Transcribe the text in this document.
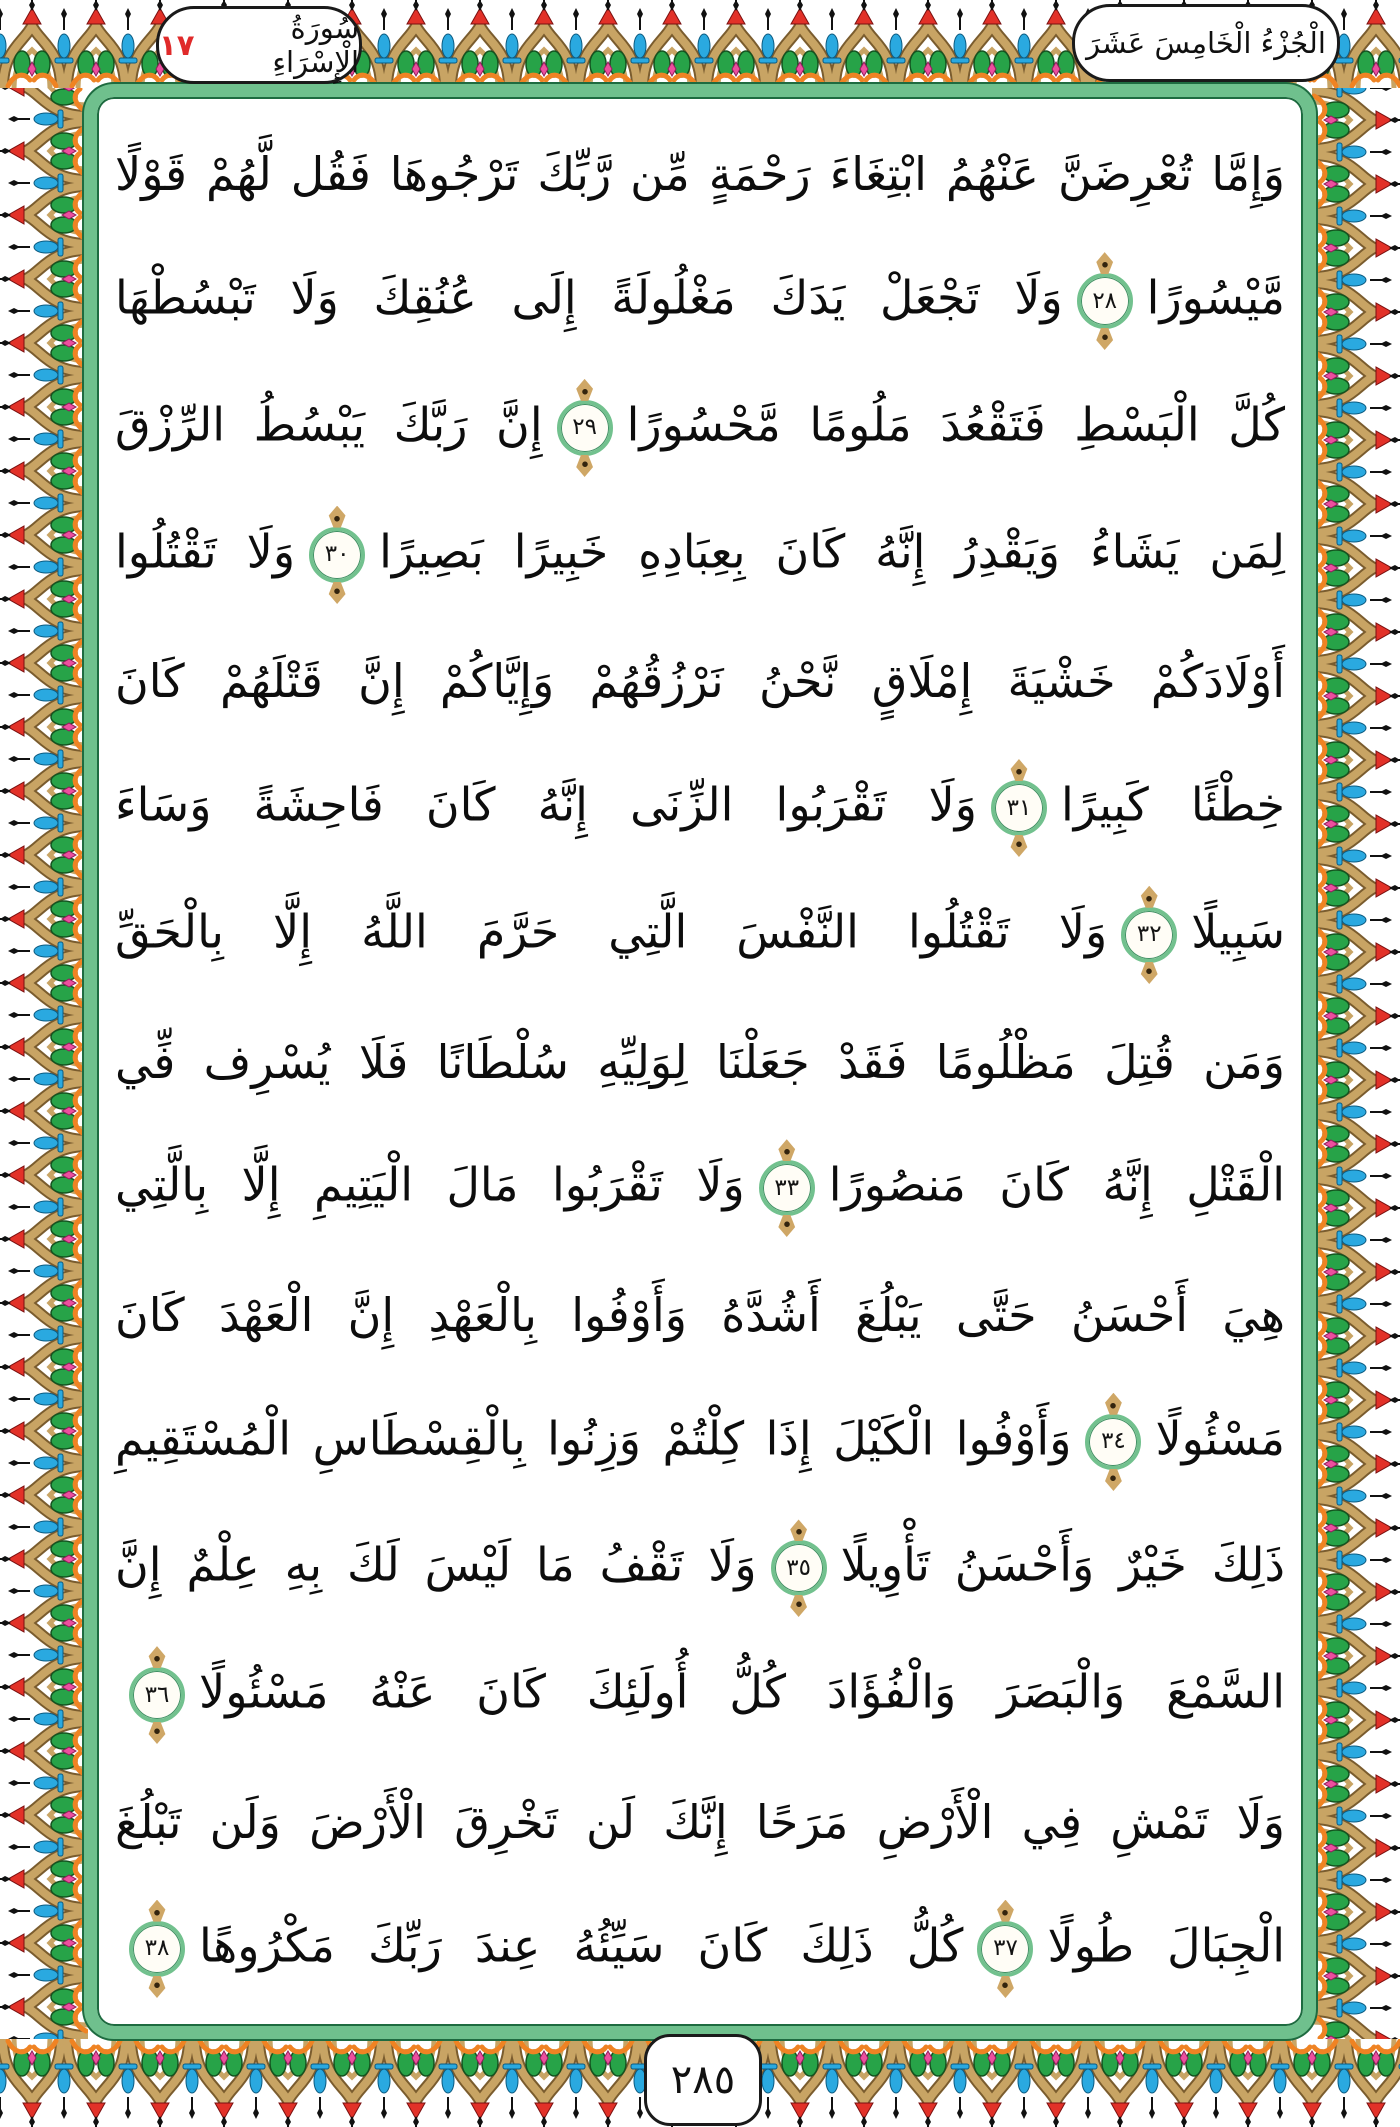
سُورَةُ الْإِسْرَاءِ
١٧	الْجُزْءُ الْخَامِسَ عَشَرَ
وَإِمَّا تُعْرِضَنَّ عَنْهُمُ ابْتِغَاءَ رَحْمَةٍ مِّن رَّبِّكَ تَرْجُوهَا فَقُل لَّهُمْ قَوْلًا
مَّيْسُورًا
٢٨
وَلَا تَجْعَلْ يَدَكَ مَغْلُولَةً إِلَى عُنُقِكَ وَلَا تَبْسُطْهَا
كُلَّ الْبَسْطِ فَتَقْعُدَ مَلُومًا مَّحْسُورًا
٢٩
إِنَّ رَبَّكَ يَبْسُطُ الرِّزْقَ
لِمَن يَشَاءُ وَيَقْدِرُ إِنَّهُ كَانَ بِعِبَادِهِ خَبِيرًا بَصِيرًا
٣٠
وَلَا تَقْتُلُوا
أَوْلَادَكُمْ خَشْيَةَ إِمْلَاقٍ نَّحْنُ نَرْزُقُهُمْ وَإِيَّاكُمْ إِنَّ قَتْلَهُمْ كَانَ
خِطْئًا كَبِيرًا
٣١
وَلَا تَقْرَبُوا الزِّنَى إِنَّهُ كَانَ فَاحِشَةً وَسَاءَ
سَبِيلًا
٣٢
وَلَا تَقْتُلُوا النَّفْسَ الَّتِي حَرَّمَ اللَّهُ إِلَّا بِالْحَقِّ
وَمَن قُتِلَ مَظْلُومًا فَقَدْ جَعَلْنَا لِوَلِيِّهِ سُلْطَانًا فَلَا يُسْرِف فِّي
الْقَتْلِ إِنَّهُ كَانَ مَنصُورًا
٣٣
وَلَا تَقْرَبُوا مَالَ الْيَتِيمِ إِلَّا بِالَّتِي
هِيَ أَحْسَنُ حَتَّى يَبْلُغَ أَشُدَّهُ وَأَوْفُوا بِالْعَهْدِ إِنَّ الْعَهْدَ كَانَ
مَسْئُولًا
٣٤
وَأَوْفُوا الْكَيْلَ إِذَا كِلْتُمْ وَزِنُوا بِالْقِسْطَاسِ الْمُسْتَقِيمِ
ذَلِكَ خَيْرٌ وَأَحْسَنُ تَأْوِيلًا
٣٥
وَلَا تَقْفُ مَا لَيْسَ لَكَ بِهِ عِلْمٌ إِنَّ
السَّمْعَ وَالْبَصَرَ وَالْفُؤَادَ كُلُّ أُولَئِكَ كَانَ عَنْهُ مَسْئُولًا
٣٦
وَلَا تَمْشِ فِي الْأَرْضِ مَرَحًا إِنَّكَ لَن تَخْرِقَ الْأَرْضَ وَلَن تَبْلُغَ
الْجِبَالَ طُولًا
٣٧
كُلُّ ذَلِكَ كَانَ سَيِّئُهُ عِندَ رَبِّكَ مَكْرُوهًا
٣٨
٢٨٥
